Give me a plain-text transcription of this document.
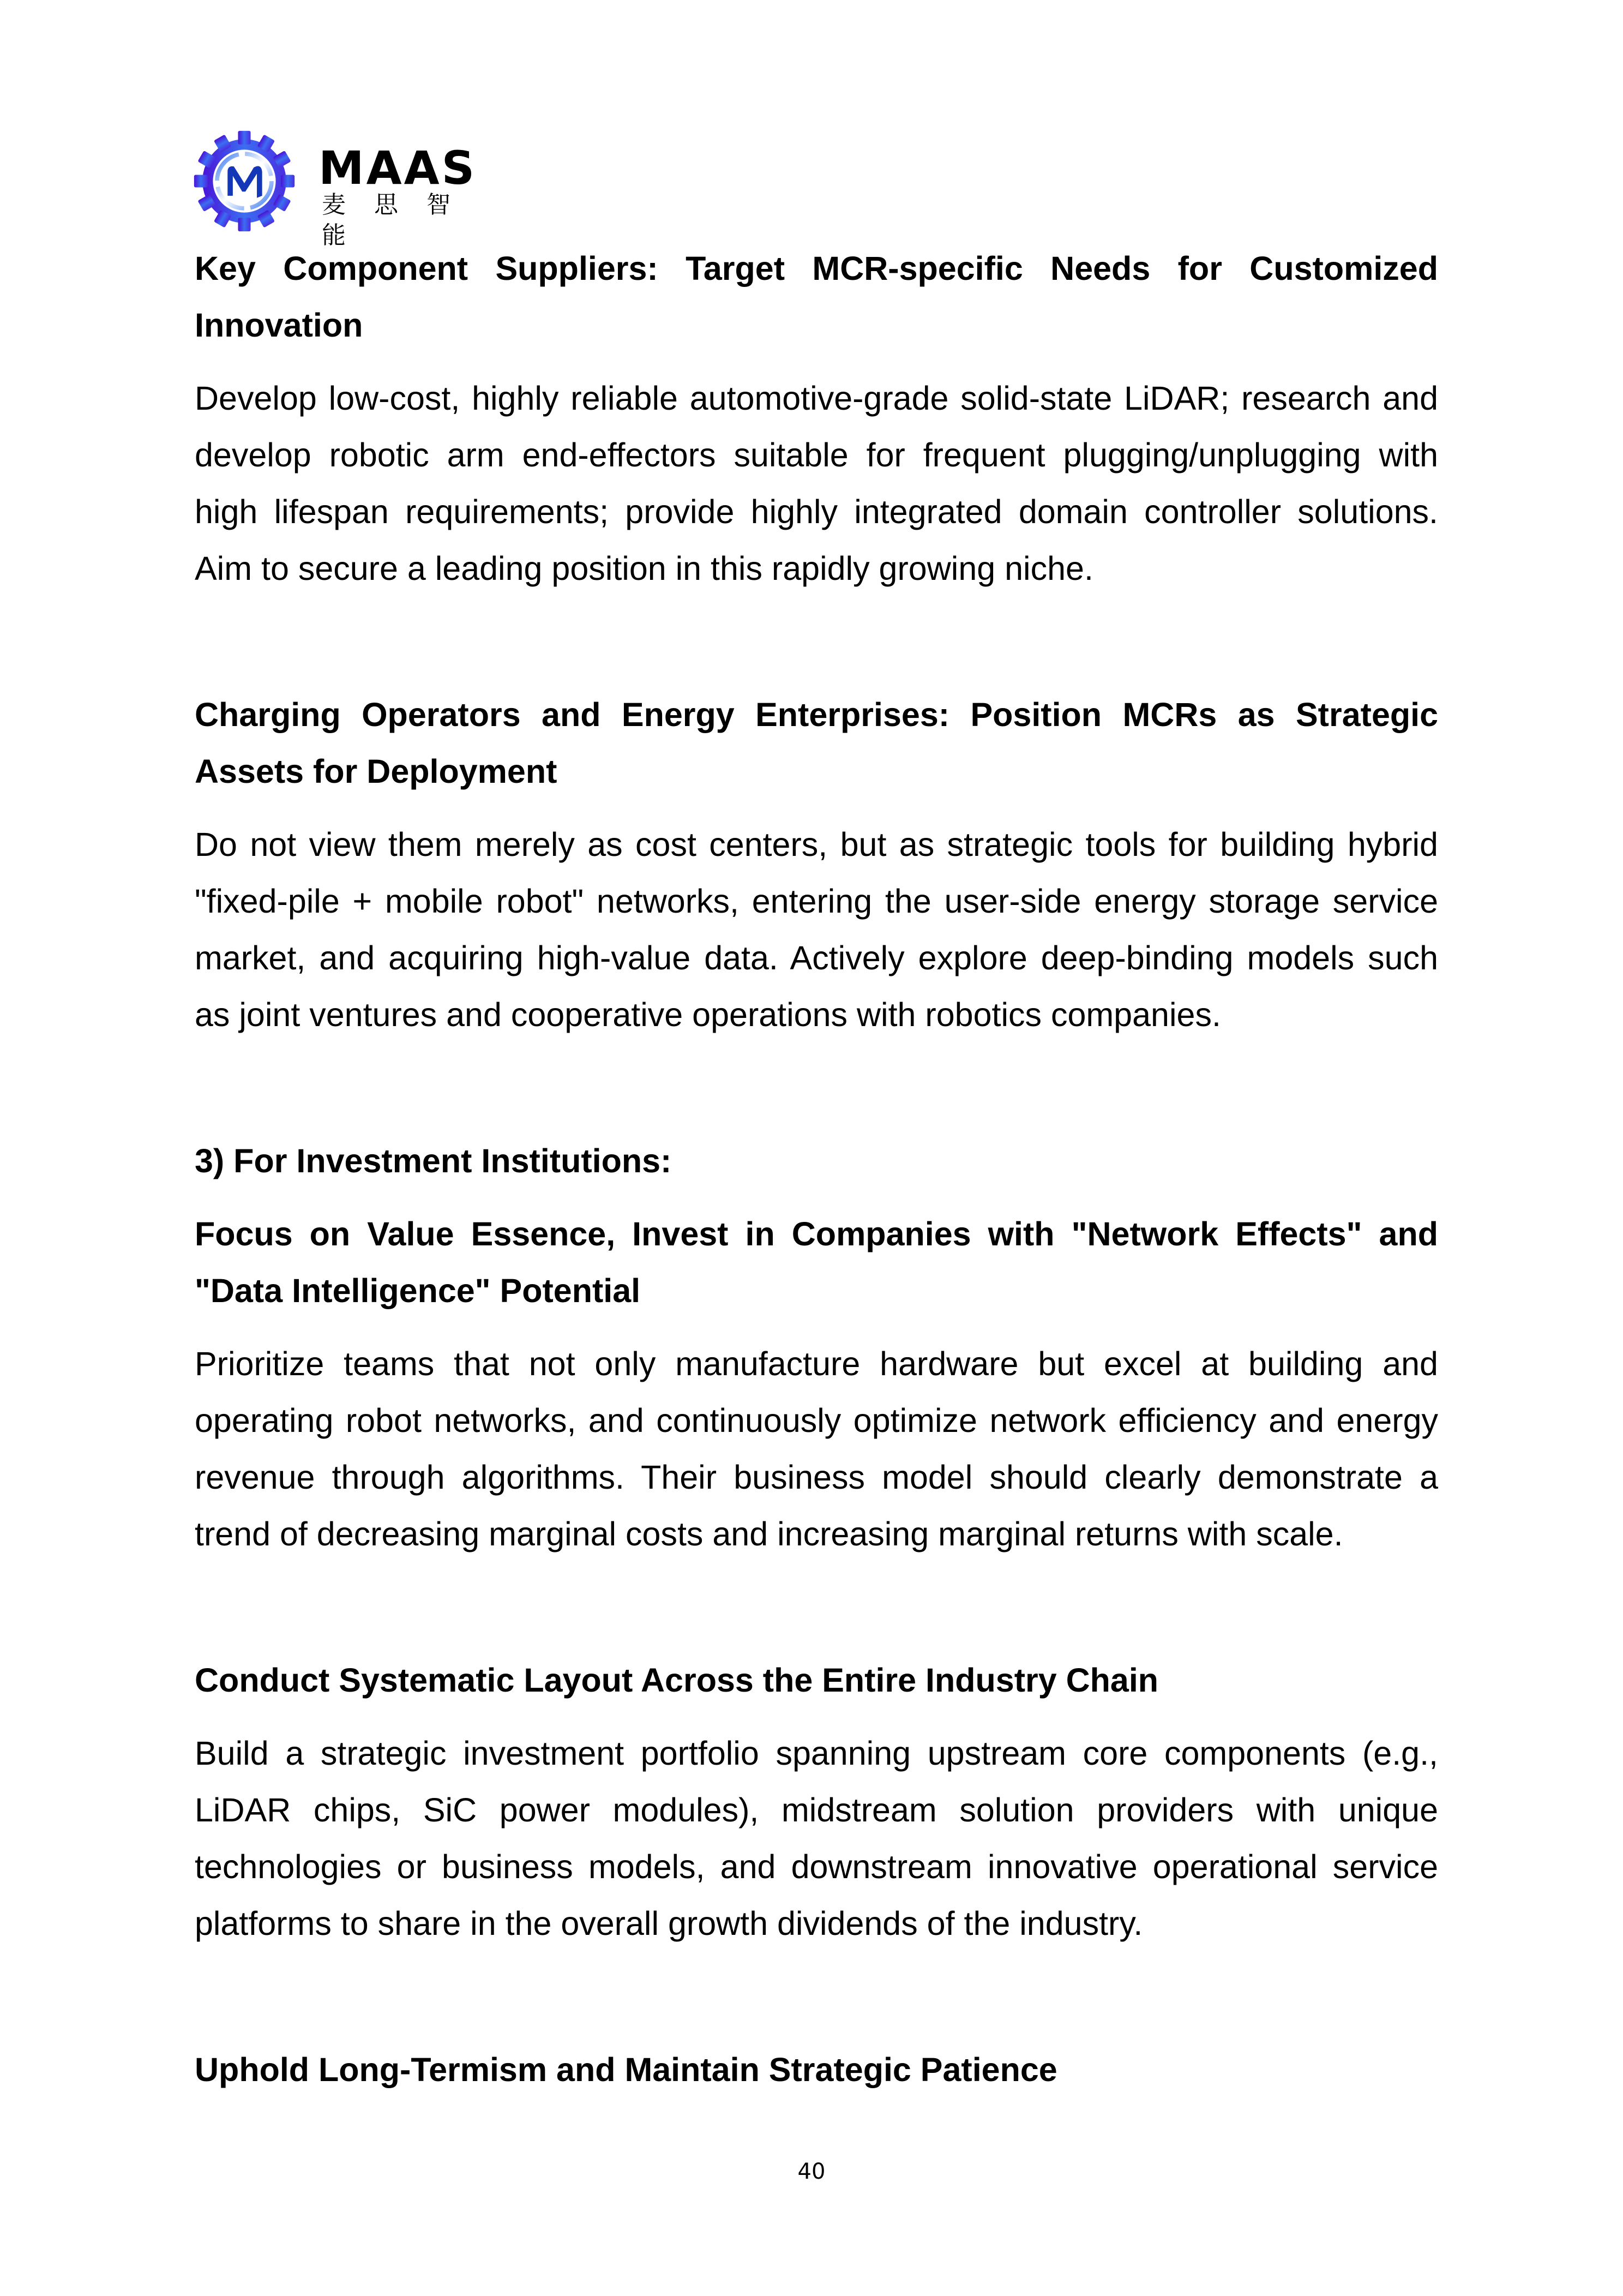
MAAS
麦思智能
Key Component Suppliers: Target MCR-specific Needs for Customized Innovation

Develop low-cost, highly reliable automotive-grade solid-state LiDAR; research and develop robotic arm end-effectors suitable for frequent plugging/unplugging with high lifespan requirements; provide highly integrated domain controller solutions. Aim to secure a leading position in this rapidly growing niche.

Charging Operators and Energy Enterprises: Position MCRs as Strategic Assets for Deployment

Do not view them merely as cost centers, but as strategic tools for building hybrid "fixed-pile + mobile robot" networks, entering the user-side energy storage service market, and acquiring high-value data. Actively explore deep-binding models such as joint ventures and cooperative operations with robotics companies.

3) For Investment Institutions:
Focus on Value Essence, Invest in Companies with "Network Effects" and "Data Intelligence" Potential

Prioritize teams that not only manufacture hardware but excel at building and operating robot networks, and continuously optimize network efficiency and energy revenue through algorithms. Their business model should clearly demonstrate a trend of decreasing marginal costs and increasing marginal returns with scale.

Conduct Systematic Layout Across the Entire Industry Chain

Build a strategic investment portfolio spanning upstream core components (e.g., LiDAR chips, SiC power modules), midstream solution providers with unique technologies or business models, and downstream innovative operational service platforms to share in the overall growth dividends of the industry.

Uphold Long-Termism and Maintain Strategic Patience
40
